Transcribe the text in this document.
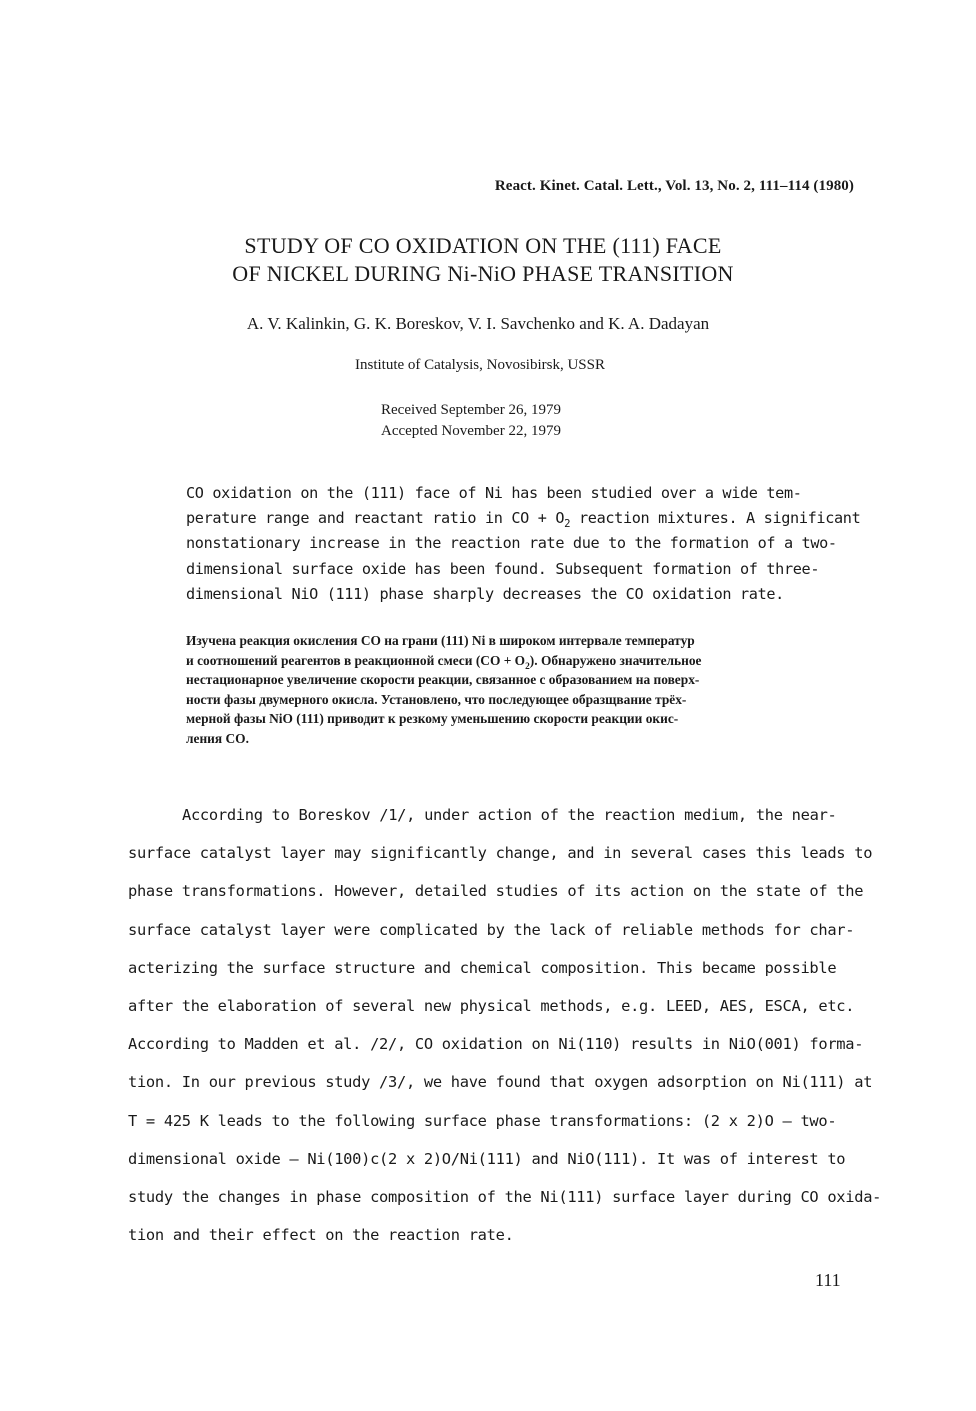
React. Kinet. Catal. Lett., Vol. 13, No. 2, 111–114 (1980)
STUDY OF CO OXIDATION ON THE (111) FACE
OF NICKEL DURING Ni-NiO PHASE TRANSITION
A. V. Kalinkin, G. K. Boreskov, V. I. Savchenko and K. A. Dadayan
Institute of Catalysis, Novosibirsk, USSR
Received September 26, 1979
Accepted November 22, 1979
CO oxidation on the (111) face of Ni has been studied over a wide tem-
perature range and reactant ratio in CO + $O_2$ reaction mixtures. A significant
nonstationary increase in the reaction rate due to the formation of a two-
dimensional surface oxide has been found. Subsequent formation of three-
dimensional NiO (111) phase sharply decreases the CO oxidation rate.
Изучена реакция окисления CO на грани (111) Ni в широком интервале температур
и соотношений реагентов в реакционной смеси $(CO + O_2)$. Обнаружено значительное
нестационарное увеличение скорости реакции, связанное с образованием на поверх-
ности фазы двумерного окисла. Установлено, что последующее образщвание трёх-
мерной фазы NiO (111) приводит к резкому уменьшению скорости реакции окис-
ления CO.
According to Boreskov /1/, under action of the reaction medium, the near-
surface catalyst layer may significantly change, and in several cases this leads to
phase transformations. However, detailed studies of its action on the state of the
surface catalyst layer were complicated by the lack of reliable methods for char-
acterizing the surface structure and chemical composition. This became possible
after the elaboration of several new physical methods, e.g. LEED, AES, ESCA, etc.
According to Madden et al. /2/, CO oxidation on Ni(110) results in NiO(001) forma-
tion. In our previous study /3/, we have found that oxygen adsorption on Ni(111) at
T = 425 K leads to the following surface phase transformations: (2 x 2)O – two-
dimensional oxide – Ni(100)c(2 x 2)O/Ni(111) and NiO(111). It was of interest to
study the changes in phase composition of the Ni(111) surface layer during CO oxida-
tion and their effect on the reaction rate.
111
